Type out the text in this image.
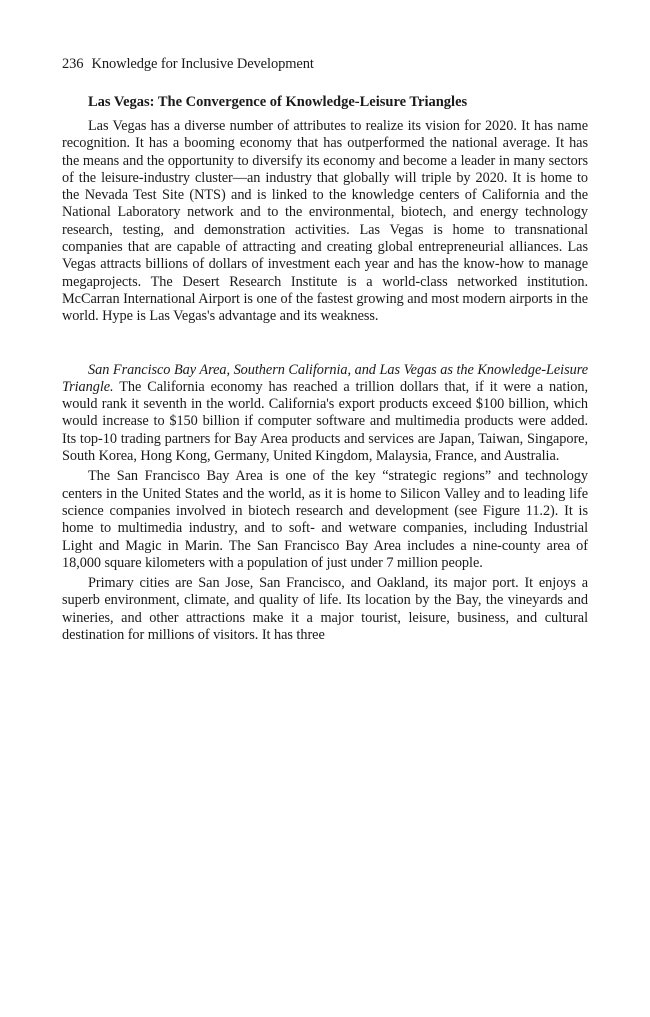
236 Knowledge for Inclusive Development
Las Vegas: The Convergence of Knowledge-Leisure Triangles

Las Vegas has a diverse number of attributes to realize its vision for 2020. It has name recognition. It has a booming economy that has outperformed the national average. It has the means and the opportunity to diversify its economy and become a leader in many sectors of the leisure-industry cluster—an industry that globally will triple by 2020. It is home to the Nevada Test Site (NTS) and is linked to the knowledge centers of California and the National Laboratory network and to the environmental, biotech, and energy technology research, testing, and demonstration activities. Las Vegas is home to transnational companies that are capable of attracting and creating global entrepreneurial alliances. Las Vegas attracts billions of dollars of investment each year and has the know-how to manage megaprojects. The Desert Research Institute is a world-class networked institution. McCarran International Airport is one of the fastest growing and most modern airports in the world. Hype is Las Vegas's advantage and its weakness.

San Francisco Bay Area, Southern California, and Las Vegas as the Knowledge-Leisure Triangle. The California economy has reached a trillion dollars that, if it were a nation, would rank it seventh in the world. California's export products exceed $100 billion, which would increase to $150 billion if computer software and multimedia products were added. Its top-10 trading partners for Bay Area products and services are Japan, Taiwan, Singapore, South Korea, Hong Kong, Germany, United Kingdom, Malaysia, France, and Australia.

The San Francisco Bay Area is one of the key “strategic regions” and technology centers in the United States and the world, as it is home to Silicon Valley and to leading life science companies involved in biotech research and development (see Figure 11.2). It is home to multimedia industry, and to soft- and wetware companies, including Industrial Light and Magic in Marin. The San Francisco Bay Area includes a nine-county area of 18,000 square kilometers with a population of just under 7 million people.

Primary cities are San Jose, San Francisco, and Oakland, its major port. It enjoys a superb environment, climate, and quality of life. Its location by the Bay, the vineyards and wineries, and other attractions make it a major tourist, leisure, business, and cultural destination for millions of visitors. It has three
